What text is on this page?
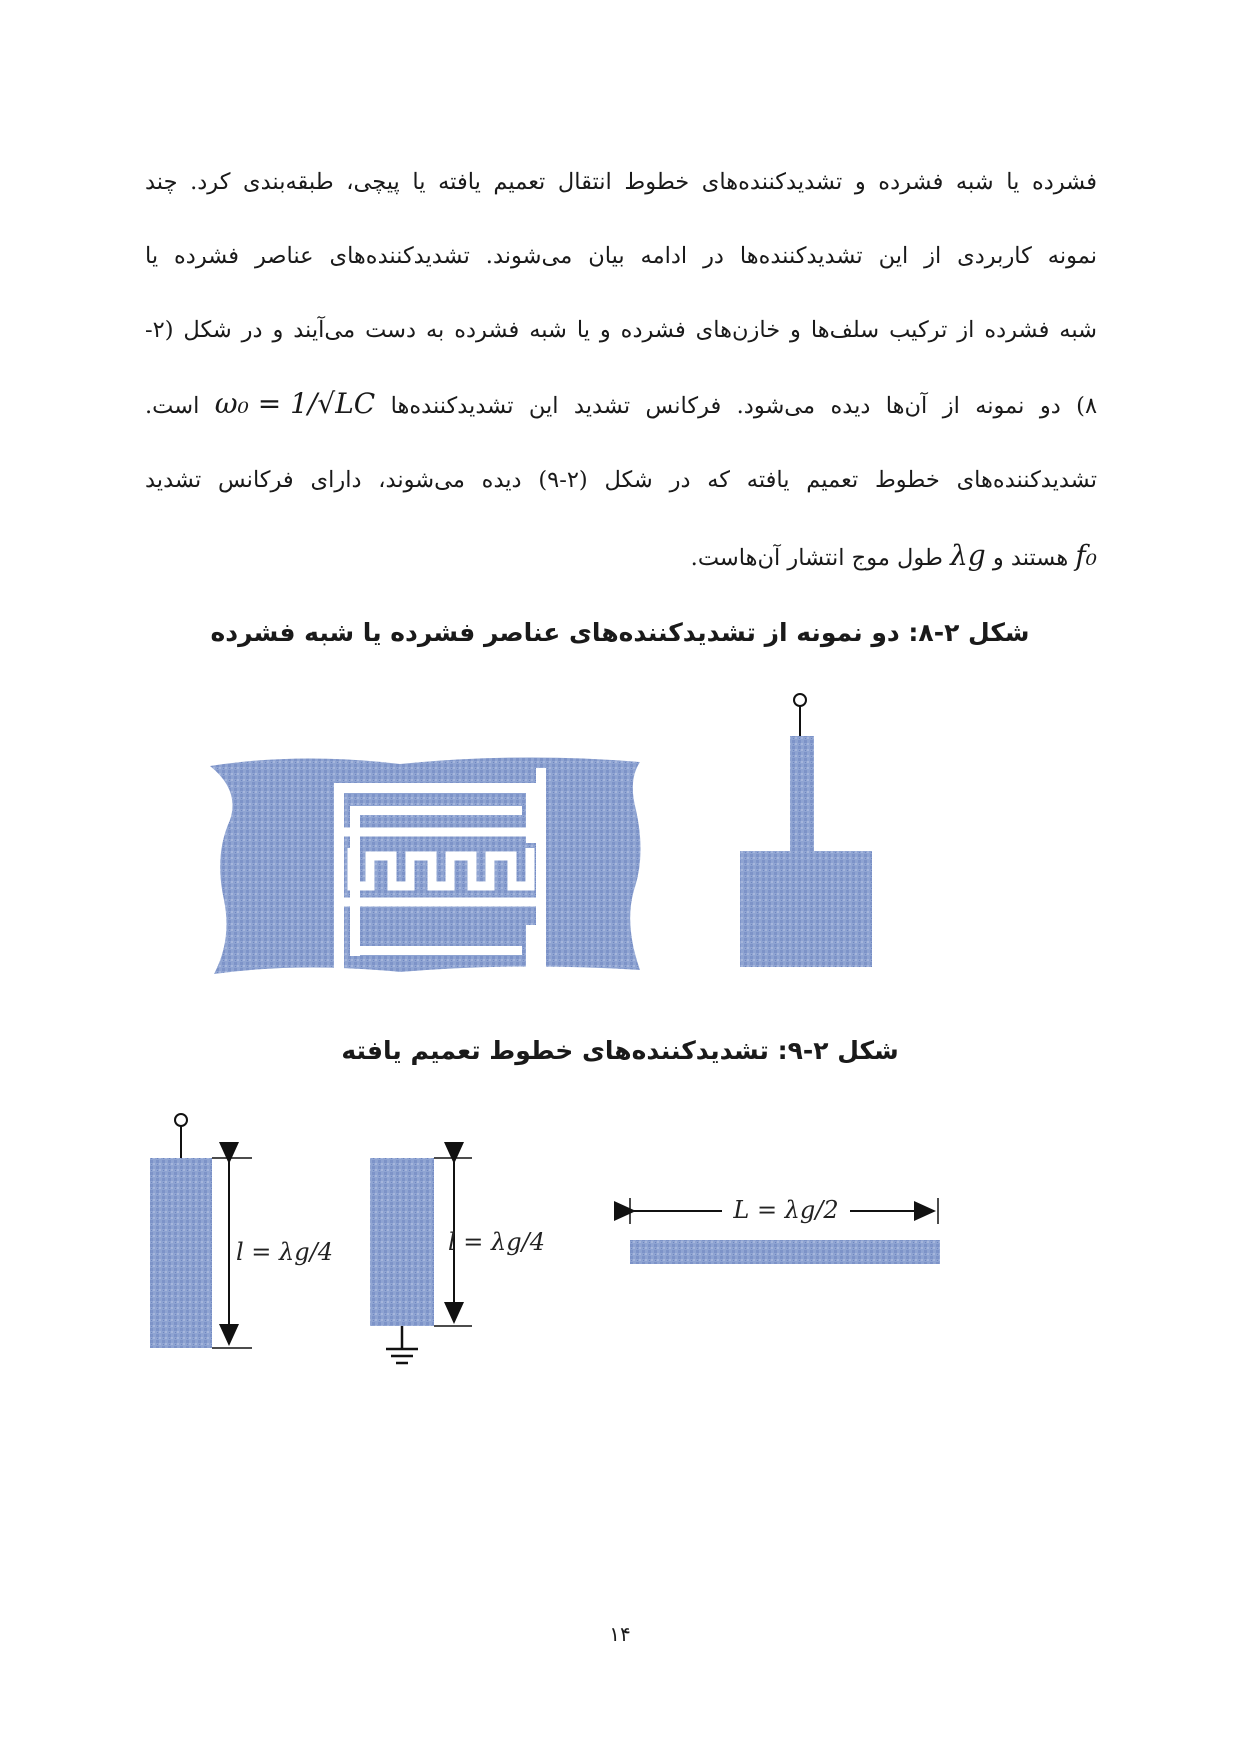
فشرده یا شبه فشرده و تشدیدکننده‌های خطوط انتقال تعمیم یافته یا پیچی، طبقه‌بندی کرد. چند
نمونه کاربردی از این تشدیدکننده‌ها در ادامه بیان می‌شوند. تشدیدکننده‌های عناصر فشرده یا
شبه فشرده از ترکیب سلف‌ها و خازن‌های فشرده و یا شبه فشرده به دست می‌آیند و در شکل (۲-
۸) دو نمونه از آن‌ها دیده می‌شود. فرکانس تشدید این تشدیدکننده‌ها ω₀ = 1/√LC است.
تشدیدکننده‌های خطوط تعمیم یافته که در شکل (۲-۹) دیده می‌شوند، دارای فرکانس تشدید
f₀ هستند و λg طول موج انتشار آن‌هاست.
شکل ۲-۸: دو نمونه از تشدیدکننده‌های عناصر فشرده یا شبه فشرده
شکل ۲-۹: تشدیدکننده‌های خطوط تعمیم یافته
l = λg/4	l = λg/4
L = λg/2
۱۴
